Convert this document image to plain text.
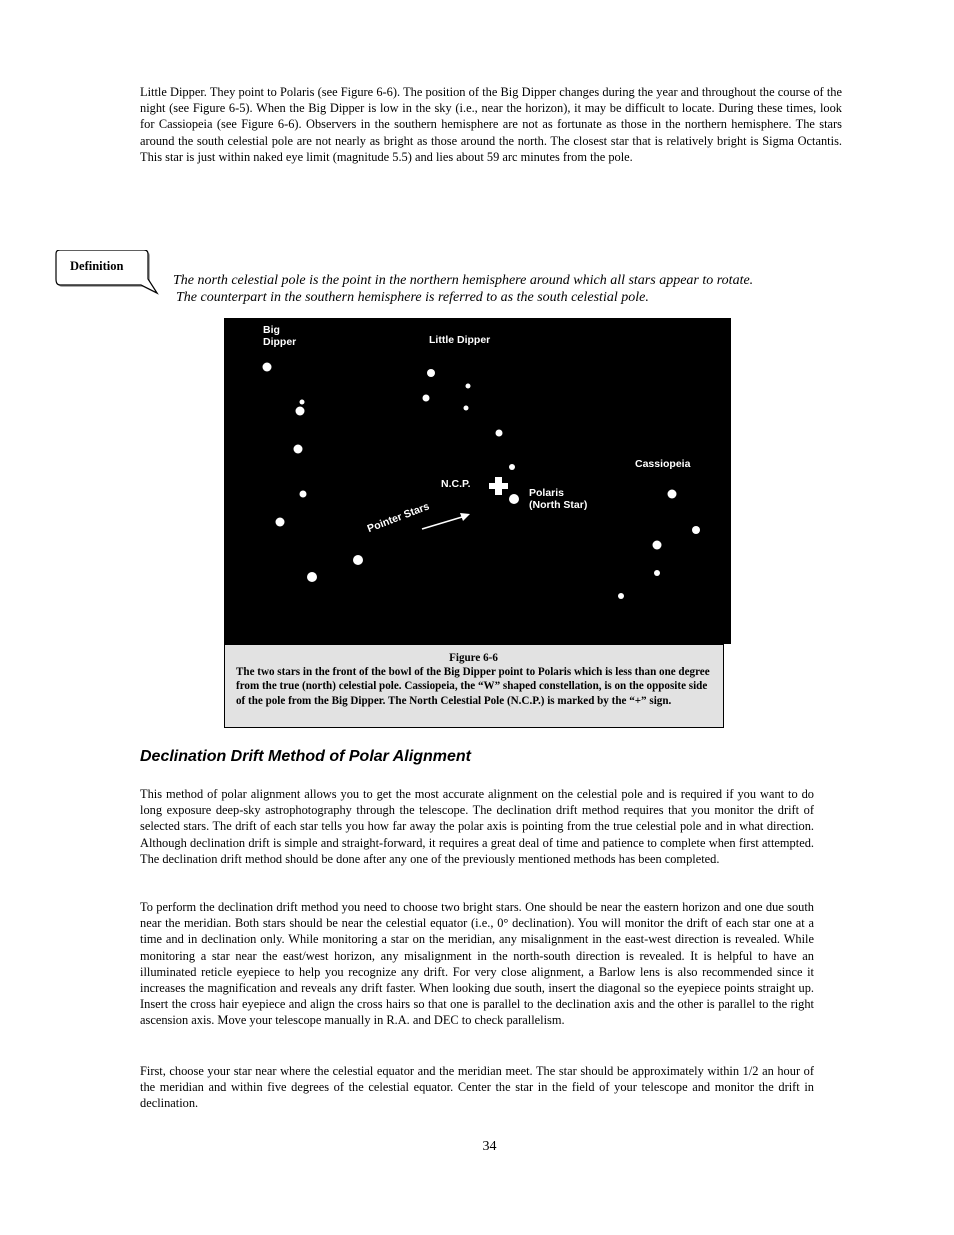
Little Dipper. They point to Polaris (see Figure 6-6). The position of the Big Dipper changes during the year and throughout the course of the night (see Figure 6-5). When the Big Dipper is low in the sky (i.e., near the horizon), it may be difficult to locate. During these times, look for Cassiopeia (see Figure 6-6). Observers in the southern hemisphere are not as fortunate as those in the northern hemisphere. The stars around the south celestial pole are not nearly as bright as those around the north. The closest star that is relatively bright is Sigma Octantis. This star is just within naked eye limit (magnitude 5.5) and lies about 59 arc minutes from the pole.

Definition

The north celestial pole is the point in the northern hemisphere around which all stars appear to rotate.
The counterpart in the southern hemisphere is referred to as the south celestial pole.

Big
Dipper	Little Dipper
Cassiopeia
N.C.P.
Polaris
(North Star)
Pointer Stars
Figure 6-6
The two stars in the front of the bowl of the Big Dipper point to Polaris which is less than one degree from the true (north) celestial pole. Cassiopeia, the “W” shaped constellation, is on the opposite side of the pole from the Big Dipper. The North Celestial Pole (N.C.P.) is marked by the “+” sign.
Declination Drift Method of Polar Alignment

This method of polar alignment allows you to get the most accurate alignment on the celestial pole and is required if you want to do long exposure deep-sky astrophotography through the telescope. The declination drift method requires that you monitor the drift of selected stars. The drift of each star tells you how far away the polar axis is pointing from the true celestial pole and in what direction. Although declination drift is simple and straight-forward, it requires a great deal of time and patience to complete when first attempted. The declination drift method should be done after any one of the previously mentioned methods has been completed.

To perform the declination drift method you need to choose two bright stars. One should be near the eastern horizon and one due south near the meridian. Both stars should be near the celestial equator (i.e., 0° declination). You will monitor the drift of each star one at a time and in declination only. While monitoring a star on the meridian, any misalignment in the east-west direction is revealed. While monitoring a star near the east/west horizon, any misalignment in the north-south direction is revealed. It is helpful to have an illuminated reticle eyepiece to help you recognize any drift. For very close alignment, a Barlow lens is also recommended since it increases the magnification and reveals any drift faster. When looking due south, insert the diagonal so the eyepiece points straight up. Insert the cross hair eyepiece and align the cross hairs so that one is parallel to the declination axis and the other is parallel to the right ascension axis. Move your telescope manually in R.A. and DEC to check parallelism.

First, choose your star near where the celestial equator and the meridian meet. The star should be approximately within 1/2 an hour of the meridian and within five degrees of the celestial equator. Center the star in the field of your telescope and monitor the drift in declination.

34
